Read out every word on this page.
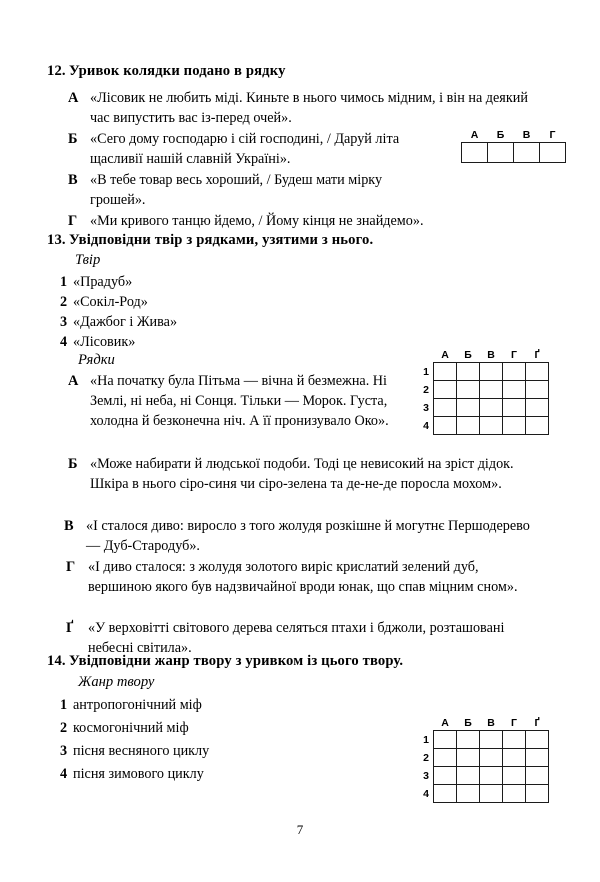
12. Уривок колядки подано в рядку
А «Лісовик не любить міді. Киньте в нього чимось мідним, і він на деякий час випустить вас із-перед очей».
Б «Сего дому господарю і сій господині, / Даруй літа щасливії нашій славній Україні».
В «В тебе товар весь хороший, / Будеш мати мірку грошей».
Г «Ми кривого танцю йдемо, / Йому кінця не знайдемо».
А	Б	В	Г

13. Увідповідни твір з рядками, узятими з нього.
Твір
1 «Прадуб»
2 «Сокіл-Род»
3 «Дажбог і Жива»
4 «Лісовик»
Рядки
А «На початку була Пітьма — вічна й безмежна. Ні Землі, ні неба, ні Сонця. Тільки — Морок. Густа, холодна й безконечна ніч. А її пронизувало Око».
Б «Може набирати й людської подоби. Тоді це невисокий на зріст дідок. Шкіра в нього сіро-синя чи сіро-зелена та де-не-де поросла мохом».
В «І сталося диво: виросло з того жолудя розкішне й могутнє Першодерево — Дуб-Стародуб».
Г «І диво сталося: з жолудя золотого виріс крислатий зелений дуб, вершиною якого був надзвичайної вроди юнак, що спав міцним сном».
Ґ «У верховітті світового дерева селяться птахи і бджоли, розташовані небесні світила».
	А	Б	В	Г	Ґ
1					
2					
3					
4					
14. Увідповідни жанр твору з уривком із цього твору.
Жанр твору
1 антропогонічний міф
2 космогонічний міф
3 пісня весняного циклу
4 пісня зимового циклу
	А	Б	В	Г	Ґ
1					
2					
3					
4					
7
